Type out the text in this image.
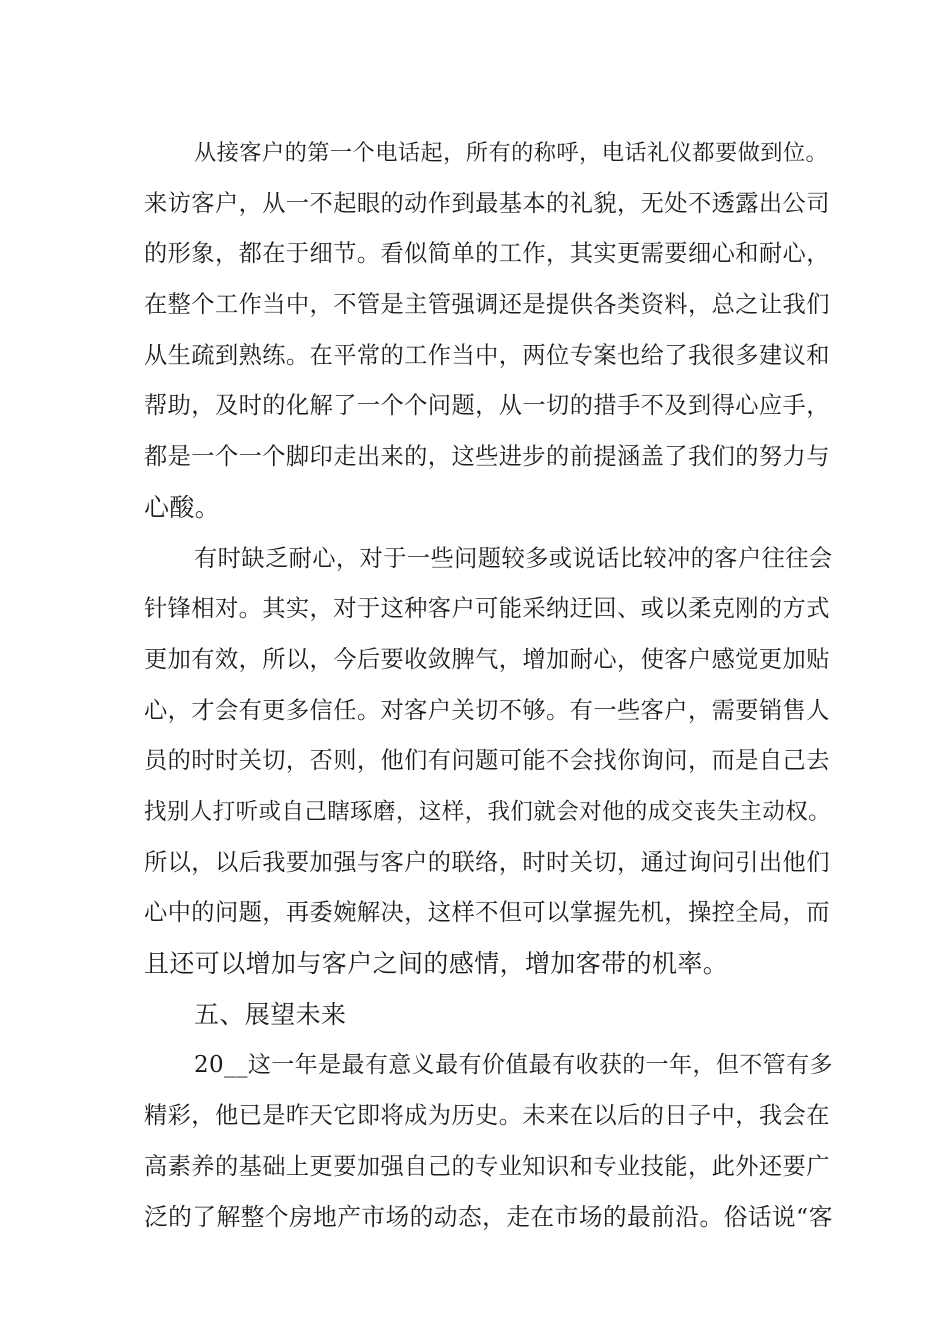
从接客户的第一个电话起，所有的称呼，电话礼仪都要做到位。
来访客户，从一不起眼的动作到最基本的礼貌，无处不透露出公司
的形象，都在于细节。看似简单的工作，其实更需要细心和耐心，
在整个工作当中，不管是主管强调还是提供各类资料，总之让我们
从生疏到熟练。在平常的工作当中，两位专案也给了我很多建议和
帮助，及时的化解了一个个问题，从一切的措手不及到得心应手，
都是一个一个脚印走出来的，这些进步的前提涵盖了我们的努力与
心酸。
有时缺乏耐心，对于一些问题较多或说话比较冲的客户往往会
针锋相对。其实，对于这种客户可能采纳迂回、或以柔克刚的方式
更加有效，所以，今后要收敛脾气，增加耐心，使客户感觉更加贴
心，才会有更多信任。对客户关切不够。有一些客户，需要销售人
员的时时关切，否则，他们有问题可能不会找你询问，而是自己去
找别人打听或自己瞎琢磨，这样，我们就会对他的成交丧失主动权。
所以，以后我要加强与客户的联络，时时关切，通过询问引出他们
心中的问题，再委婉解决，这样不但可以掌握先机，操控全局，而
且还可以增加与客户之间的感情，增加客带的机率。
五、展望未来
20__这一年是最有意义最有价值最有收获的一年，但不管有多
精彩，他已是昨天它即将成为历史。未来在以后的日子中，我会在
高素养的基础上更要加强自己的专业知识和专业技能，此外还要广
泛的了解整个房地产市场的动态，走在市场的最前沿。俗话说“客
